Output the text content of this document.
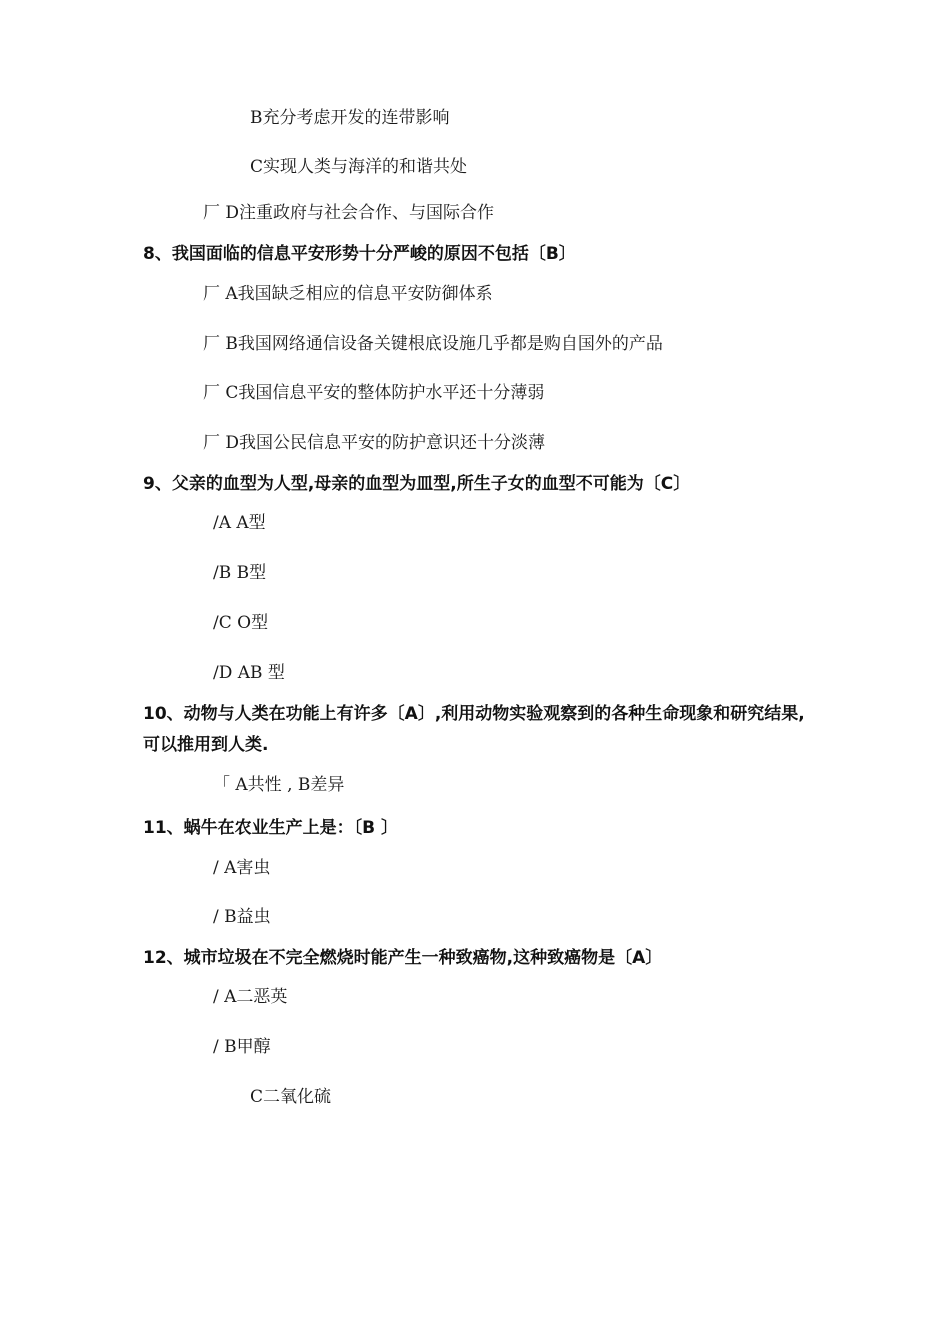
B充分考虑开发的连带影响
C实现人类与海洋的和谐共处
厂 D注重政府与社会合作、与国际合作
8、我国面临的信息平安形势十分严峻的原因不包括〔B〕
厂 A我国缺乏相应的信息平安防御体系
厂 B我国网络通信设备关键根底设施几乎都是购自国外的产品
厂 C我国信息平安的整体防护水平还十分薄弱
厂 D我国公民信息平安的防护意识还十分淡薄
9、父亲的血型为人型,母亲的血型为皿型,所生子女的血型不可能为〔C〕
/A A型
/B B型
/C O型
/D AB 型
10、动物与人类在功能上有许多〔A〕,利用动物实验观察到的各种生命现象和研究结果,
可以推用到人类.
「 A共性 , B差异
11、蜗牛在农业生产上是：〔B 〕
/ A害虫
/ B益虫
12、城市垃圾在不完全燃烧时能产生一种致癌物,这种致癌物是〔A〕
/ A二恶英
/ B甲醇
C二氧化硫
